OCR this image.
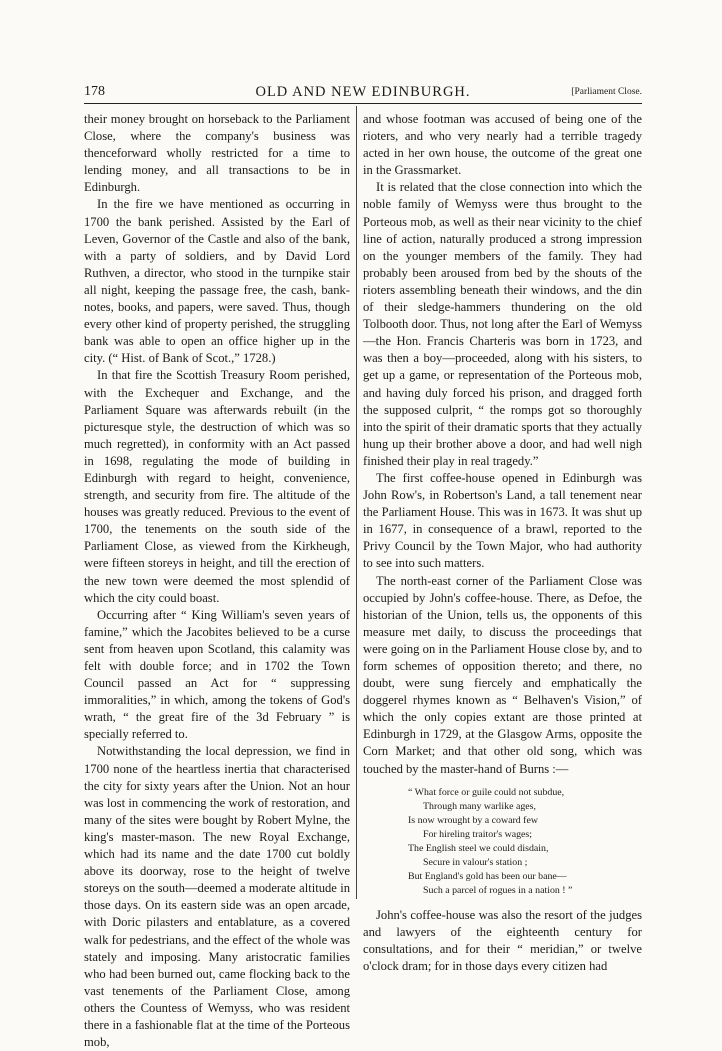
178	OLD AND NEW EDINBURGH.	[Parliament Close.

their money brought on horseback to the Parliament Close, where the company's business was thenceforward wholly restricted for a time to lending money, and all transactions to be in Edinburgh.

In the fire we have mentioned as occurring in 1700 the bank perished. Assisted by the Earl of Leven, Governor of the Castle and also of the bank, with a party of soldiers, and by David Lord Ruthven, a director, who stood in the turnpike stair all night, keeping the passage free, the cash, bank-notes, books, and papers, were saved. Thus, though every other kind of property perished, the struggling bank was able to open an office higher up in the city. (“ Hist. of Bank of Scot.,” 1728.)

In that fire the Scottish Treasury Room perished, with the Exchequer and Exchange, and the Parliament Square was afterwards rebuilt (in the picturesque style, the destruction of which was so much regretted), in conformity with an Act passed in 1698, regulating the mode of building in Edinburgh with regard to height, convenience, strength, and security from fire. The altitude of the houses was greatly reduced. Previous to the event of 1700, the tenements on the south side of the Parliament Close, as viewed from the Kirkheugh, were fifteen storeys in height, and till the erection of the new town were deemed the most splendid of which the city could boast.

Occurring after “ King William's seven years of famine,” which the Jacobites believed to be a curse sent from heaven upon Scotland, this calamity was felt with double force; and in 1702 the Town Council passed an Act for “ suppressing immoralities,” in which, among the tokens of God's wrath, “ the great fire of the 3d February ” is specially referred to.

Notwithstanding the local depression, we find in 1700 none of the heartless inertia that characterised the city for sixty years after the Union. Not an hour was lost in commencing the work of restoration, and many of the sites were bought by Robert Mylne, the king's master-mason. The new Royal Exchange, which had its name and the date 1700 cut boldly above its doorway, rose to the height of twelve storeys on the south—deemed a moderate altitude in those days. On its eastern side was an open arcade, with Doric pilasters and entablature, as a covered walk for pedestrians, and the effect of the whole was stately and imposing. Many aristocratic families who had been burned out, came flocking back to the vast tenements of the Parliament Close, among others the Countess of Wemyss, who was resident there in a fashionable flat at the time of the Porteous mob,

and whose footman was accused of being one of the rioters, and who very nearly had a terrible tragedy acted in her own house, the outcome of the great one in the Grassmarket.

It is related that the close connection into which the noble family of Wemyss were thus brought to the Porteous mob, as well as their near vicinity to the chief line of action, naturally produced a strong impression on the younger members of the family. They had probably been aroused from bed by the shouts of the rioters assembling beneath their windows, and the din of their sledge-hammers thundering on the old Tolbooth door. Thus, not long after the Earl of Wemyss—the Hon. Francis Charteris was born in 1723, and was then a boy—proceeded, along with his sisters, to get up a game, or representation of the Porteous mob, and having duly forced his prison, and dragged forth the supposed culprit, “ the romps got so thoroughly into the spirit of their dramatic sports that they actually hung up their brother above a door, and had well nigh finished their play in real tragedy.”

The first coffee-house opened in Edinburgh was John Row's, in Robertson's Land, a tall tenement near the Parliament House. This was in 1673. It was shut up in 1677, in consequence of a brawl, reported to the Privy Council by the Town Major, who had authority to see into such matters.

The north-east corner of the Parliament Close was occupied by John's coffee-house. There, as Defoe, the historian of the Union, tells us, the opponents of this measure met daily, to discuss the proceedings that were going on in the Parliament House close by, and to form schemes of opposition thereto; and there, no doubt, were sung fiercely and emphatically the doggerel rhymes known as “ Belhaven's Vision,” of which the only copies extant are those printed at Edinburgh in 1729, at the Glasgow Arms, opposite the Corn Market; and that other old song, which was touched by the master-hand of Burns :—

“ What force or guile could not subdue,
Through many warlike ages,
Is now wrought by a coward few
For hireling traitor's wages;
The English steel we could disdain,
Secure in valour's station ;
But England's gold has been our bane—
Such a parcel of rogues in a nation ! ”

John's coffee-house was also the resort of the judges and lawyers of the eighteenth century for consultations, and for their “ meridian,” or twelve o'clock dram; for in those days every citizen had
